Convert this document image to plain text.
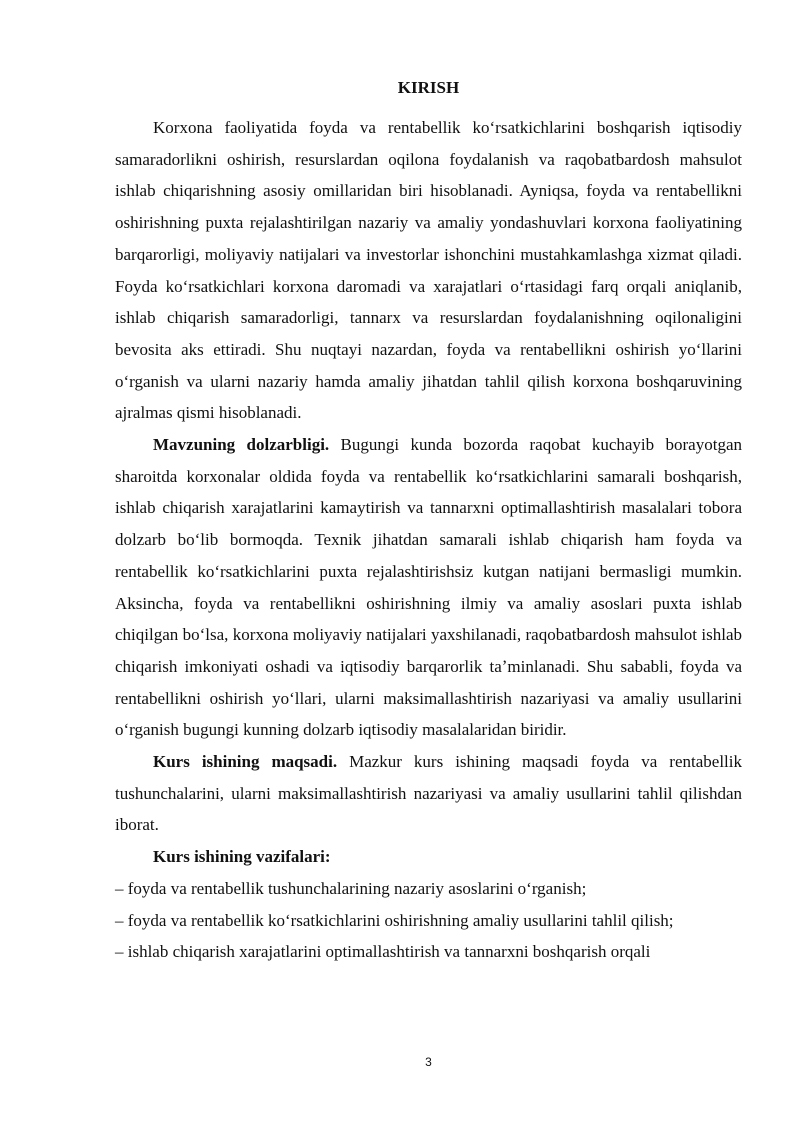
KIRISH

Korxona faoliyatida foyda va rentabellik koʻrsatkichlarini boshqarish iqtisodiy samaradorlikni oshirish, resurslardan oqilona foydalanish va raqobatbardosh mahsulot ishlab chiqarishning asosiy omillaridan biri hisoblanadi. Ayniqsa, foyda va rentabellikni oshirishning puxta rejalashtirilgan nazariy va amaliy yondashuvlari korxona faoliyatining barqarorligi, moliyaviy natijalari va investorlar ishonchini mustahkamlashga xizmat qiladi. Foyda koʻrsatkichlari korxona daromadi va xarajatlari oʻrtasidagi farq orqali aniqlanib, ishlab chiqarish samaradorligi, tannarx va resurslardan foydalanishning oqilonaligini bevosita aks ettiradi. Shu nuqtayi nazardan, foyda va rentabellikni oshirish yoʻllarini oʻrganish va ularni nazariy hamda amaliy jihatdan tahlil qilish korxona boshqaruvining ajralmas qismi hisoblanadi.

Mavzuning dolzarbligi. Bugungi kunda bozorda raqobat kuchayib borayotgan sharoitda korxonalar oldida foyda va rentabellik koʻrsatkichlarini samarali boshqarish, ishlab chiqarish xarajatlarini kamaytirish va tannarxni optimallashtirish masalalari tobora dolzarb boʻlib bormoqda. Texnik jihatdan samarali ishlab chiqarish ham foyda va rentabellik koʻrsatkichlarini puxta rejalashtirishsiz kutgan natijani bermasligi mumkin. Aksincha, foyda va rentabellikni oshirishning ilmiy va amaliy asoslari puxta ishlab chiqilgan boʻlsa, korxona moliyaviy natijalari yaxshilanadi, raqobatbardosh mahsulot ishlab chiqarish imkoniyati oshadi va iqtisodiy barqarorlik taʼminlanadi. Shu sababli, foyda va rentabellikni oshirish yoʻllari, ularni maksimallashtirish nazariyasi va amaliy usullarini oʻrganish bugungi kunning dolzarb iqtisodiy masalalaridan biridir.

Kurs ishining maqsadi. Mazkur kurs ishining maqsadi foyda va rentabellik tushunchalarini, ularni maksimallashtirish nazariyasi va amaliy usullarini tahlil qilishdan iborat.

Kurs ishining vazifalari:

– foyda va rentabellik tushunchalarining nazariy asoslarini oʻrganish;

– foyda va rentabellik koʻrsatkichlarini oshirishning amaliy usullarini tahlil qilish;

– ishlab chiqarish xarajatlarini optimallashtirish va tannarxni boshqarish orqali

3
